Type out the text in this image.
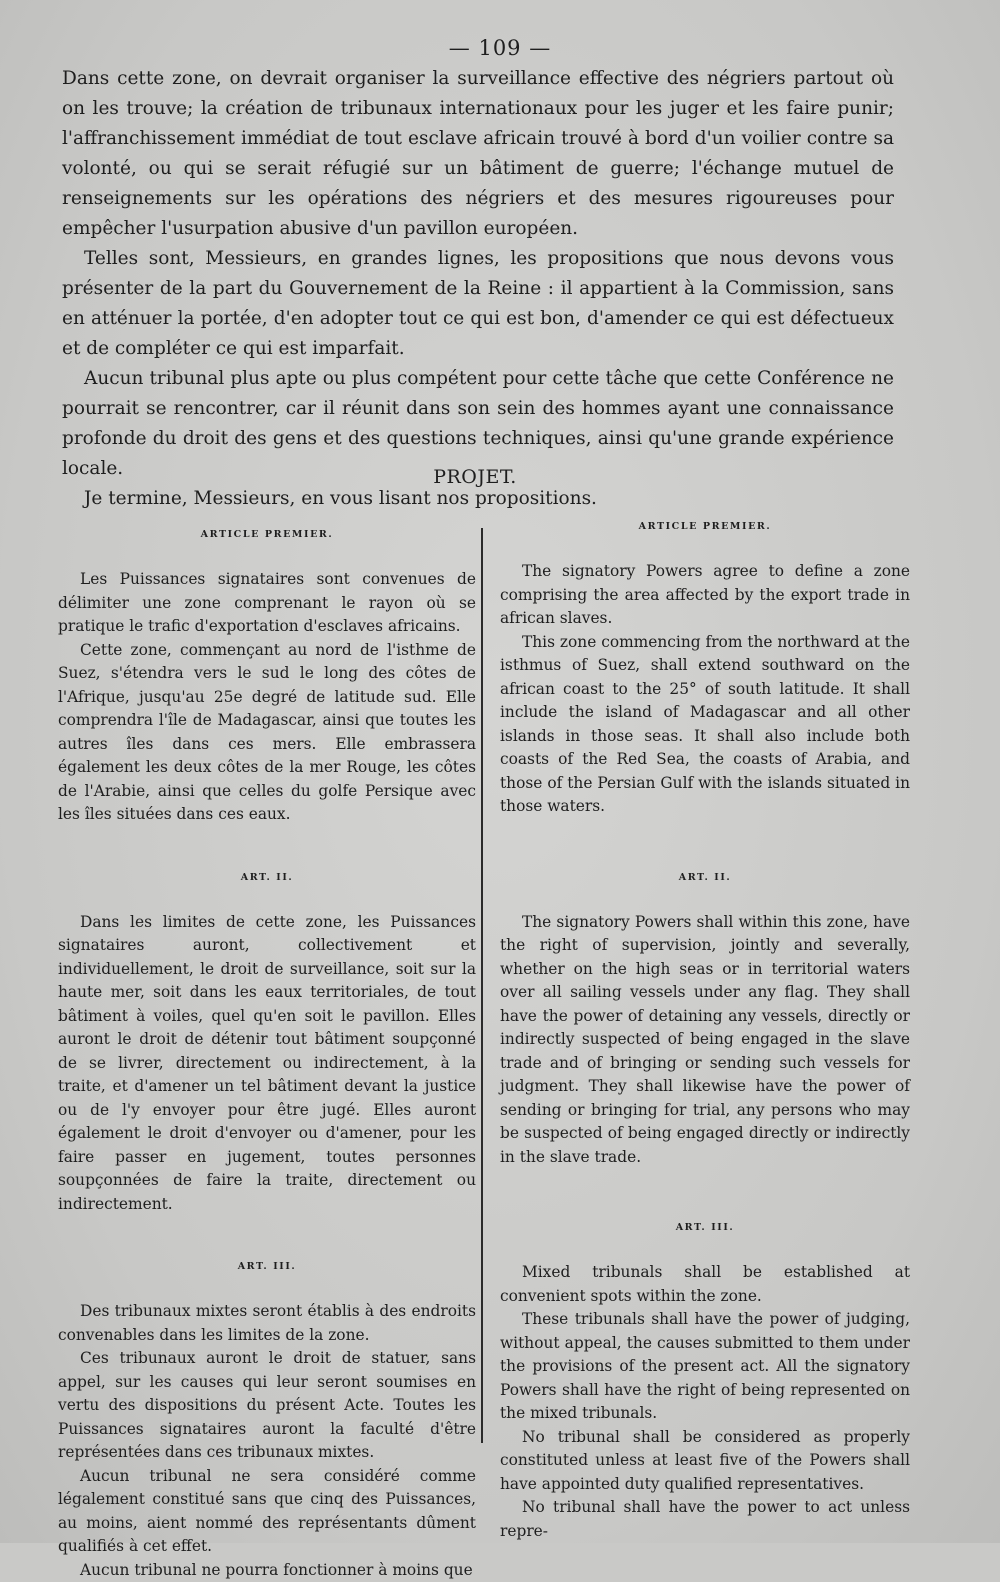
— 109 —

Dans cette zone, on devrait organiser la surveillance effective des négriers partout où on les trouve; la création de tribunaux internationaux pour les juger et les faire punir; l'affranchissement immédiat de tout esclave africain trouvé à bord d'un voilier contre sa volonté, ou qui se serait réfugié sur un bâtiment de guerre; l'échange mutuel de renseignements sur les opérations des négriers et des mesures rigoureuses pour empêcher l'usurpation abusive d'un pavillon européen.

Telles sont, Messieurs, en grandes lignes, les propositions que nous devons vous présenter de la part du Gouvernement de la Reine : il appartient à la Commission, sans en atténuer la portée, d'en adopter tout ce qui est bon, d'amender ce qui est défectueux et de compléter ce qui est imparfait.

Aucun tribunal plus apte ou plus compétent pour cette tâche que cette Conférence ne pourrait se rencontrer, car il réunit dans son sein des hommes ayant une connaissance profonde du droit des gens et des questions techniques, ainsi qu'une grande expérience locale.

Je termine, Messieurs, en vous lisant nos propositions.

PROJET.
ARTICLE PREMIER.

Les Puissances signataires sont convenues de délimiter une zone comprenant le rayon où se pratique le trafic d'exportation d'esclaves africains.

Cette zone, commençant au nord de l'isthme de Suez, s'étendra vers le sud le long des côtes de l'Afrique, jusqu'au 25e degré de latitude sud. Elle comprendra l'île de Madagascar, ainsi que toutes les autres îles dans ces mers. Elle embrassera également les deux côtes de la mer Rouge, les côtes de l'Arabie, ainsi que celles du golfe Persique avec les îles situées dans ces eaux.

ART. II.

Dans les limites de cette zone, les Puissances signataires auront, collectivement et individuellement, le droit de surveillance, soit sur la haute mer, soit dans les eaux territoriales, de tout bâtiment à voiles, quel qu'en soit le pavillon. Elles auront le droit de détenir tout bâtiment soupçonné de se livrer, directement ou indirectement, à la traite, et d'amener un tel bâtiment devant la justice ou de l'y envoyer pour être jugé. Elles auront également le droit d'envoyer ou d'amener, pour les faire passer en jugement, toutes personnes soupçonnées de faire la traite, directement ou indirectement.

ART. III.

Des tribunaux mixtes seront établis à des endroits convenables dans les limites de la zone.

Ces tribunaux auront le droit de statuer, sans appel, sur les causes qui leur seront soumises en vertu des dispositions du présent Acte. Toutes les Puissances signataires auront la faculté d'être représentées dans ces tribunaux mixtes.

Aucun tribunal ne sera considéré comme légalement constitué sans que cinq des Puissances, au moins, aient nommé des représentants dûment qualifiés à cet effet.

Aucun tribunal ne pourra fonctionner à moins que

ARTICLE PREMIER.

The signatory Powers agree to define a zone comprising the area affected by the export trade in african slaves.

This zone commencing from the northward at the isthmus of Suez, shall extend southward on the african coast to the 25° of south latitude. It shall include the island of Madagascar and all other islands in those seas. It shall also include both coasts of the Red Sea, the coasts of Arabia, and those of the Persian Gulf with the islands situated in those waters.

ART. II.

The signatory Powers shall within this zone, have the right of supervision, jointly and severally, whether on the high seas or in territorial waters over all sailing vessels under any flag. They shall have the power of detaining any vessels, directly or indirectly suspected of being engaged in the slave trade and of bringing or sending such vessels for judgment. They shall likewise have the power of sending or bringing for trial, any persons who may be suspected of being engaged directly or indirectly in the slave trade.

ART. III.

Mixed tribunals shall be established at convenient spots within the zone.

These tribunals shall have the power of judging, without appeal, the causes submitted to them under the provisions of the present act. All the signatory Powers shall have the right of being represented on the mixed tribunals.

No tribunal shall be considered as properly constituted unless at least five of the Powers shall have appointed duty qualified representatives.

No tribunal shall have the power to act unless repre-
